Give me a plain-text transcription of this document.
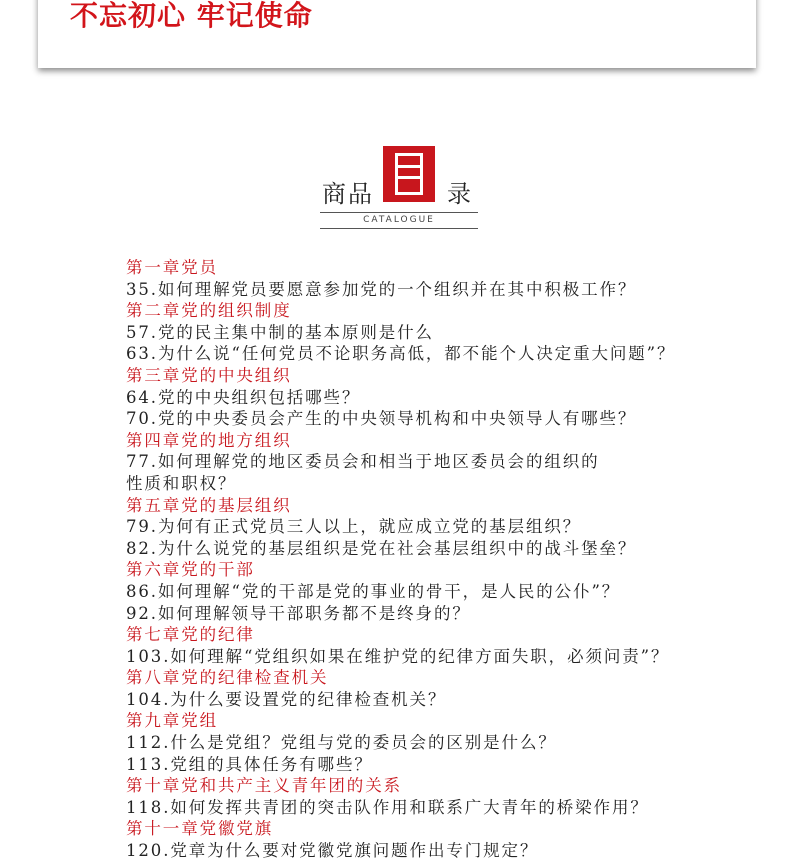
不忘初心 牢记使命
商品	录
CATALOGUE
第一章党员
35.如何理解党员要愿意参加党的一个组织并在其中积极工作？
第二章党的组织制度
57.党的民主集中制的基本原则是什么
63.为什么说“任何党员不论职务高低，都不能个人决定重大问题”？
第三章党的中央组织
64.党的中央组织包括哪些？
70.党的中央委员会产生的中央领导机构和中央领导人有哪些？
第四章党的地方组织
77.如何理解党的地区委员会和相当于地区委员会的组织的
性质和职权？
第五章党的基层组织
79.为何有正式党员三人以上，就应成立党的基层组织？
82.为什么说党的基层组织是党在社会基层组织中的战斗堡垒？
第六章党的干部
86.如何理解“党的干部是党的事业的骨干，是人民的公仆”？
92.如何理解领导干部职务都不是终身的？
第七章党的纪律
103.如何理解“党组织如果在维护党的纪律方面失职，必须问责”？
第八章党的纪律检查机关
104.为什么要设置党的纪律检查机关？
第九章党组
112.什么是党组？党组与党的委员会的区别是什么？
113.党组的具体任务有哪些？
第十章党和共产主义青年团的关系
118.如何发挥共青团的突击队作用和联系广大青年的桥梁作用？
第十一章党徽党旗
120.党章为什么要对党徽党旗问题作出专门规定？
